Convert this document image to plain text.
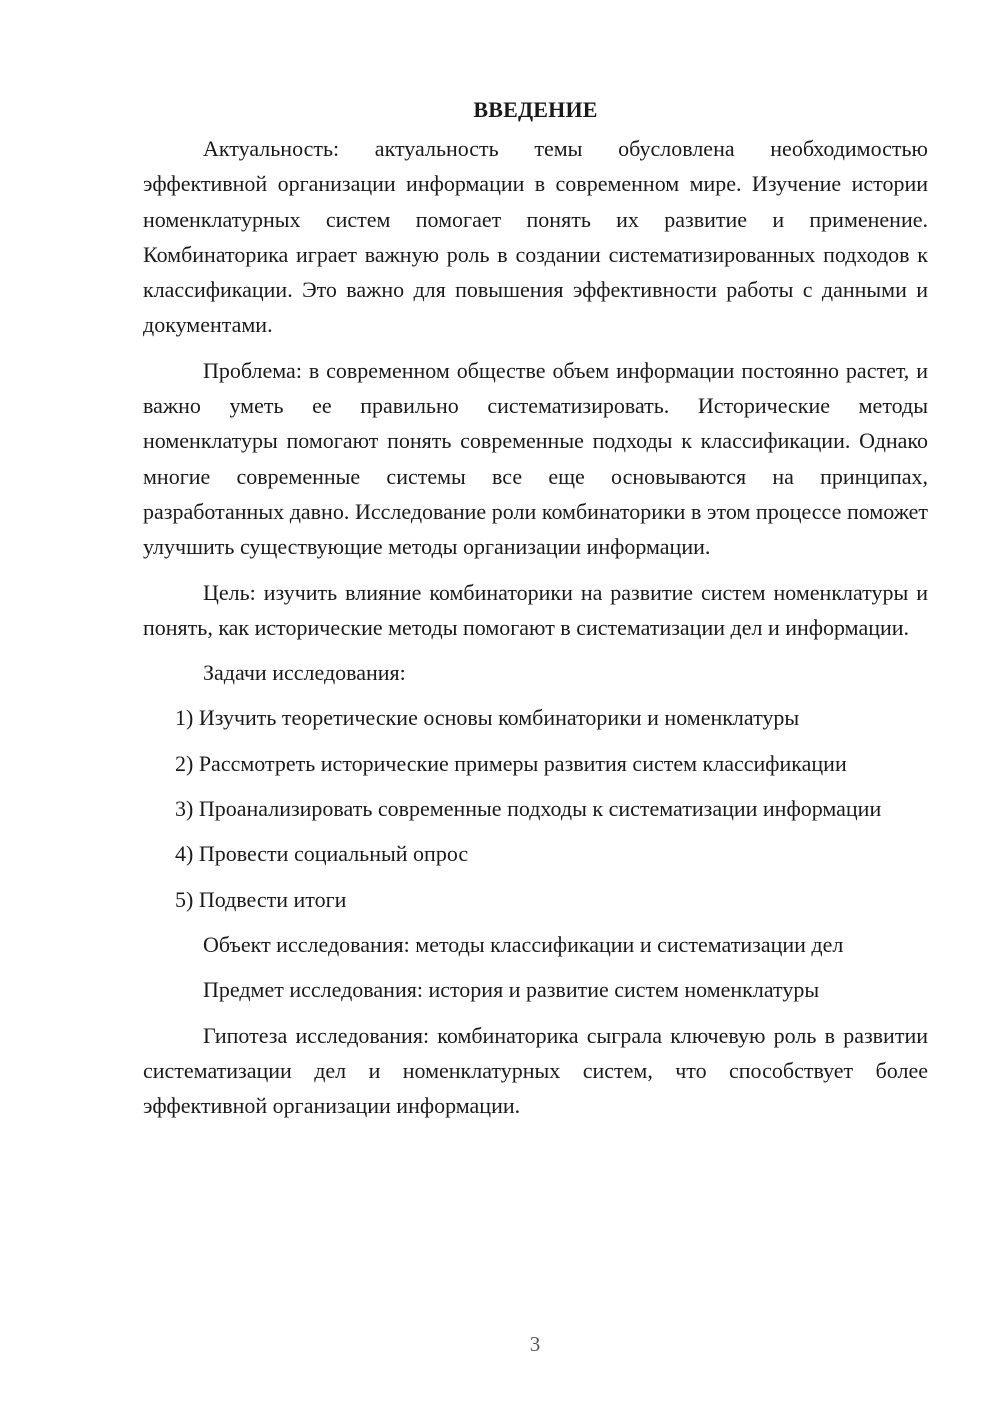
ВВЕДЕНИЕ

Актуальность: актуальность темы обусловлена необходимостью эффективной организации информации в современном мире. Изучение истории номенклатурных систем помогает понять их развитие и применение. Комбинаторика играет важную роль в создании систематизированных подходов к классификации. Это важно для повышения эффективности работы с данными и документами.

Проблема: в современном обществе объем информации постоянно растет, и важно уметь ее правильно систематизировать. Исторические методы номенклатуры помогают понять современные подходы к классификации. Однако многие современные системы все еще основываются на принципах, разработанных давно. Исследование роли комбинаторики в этом процессе поможет улучшить существующие методы организации информации.

Цель: изучить влияние комбинаторики на развитие систем номенклатуры и понять, как исторические методы помогают в систематизации дел и информации.

Задачи исследования:

1) Изучить теоретические основы комбинаторики и номенклатуры

2) Рассмотреть исторические примеры развития систем классификации

3) Проанализировать современные подходы к систематизации информации

4) Провести социальный опрос

5) Подвести итоги

Объект исследования: методы классификации и систематизации дел

Предмет исследования: история и развитие систем номенклатуры

Гипотеза исследования: комбинаторика сыграла ключевую роль в развитии систематизации дел и номенклатурных систем, что способствует более эффективной организации информации.

3
